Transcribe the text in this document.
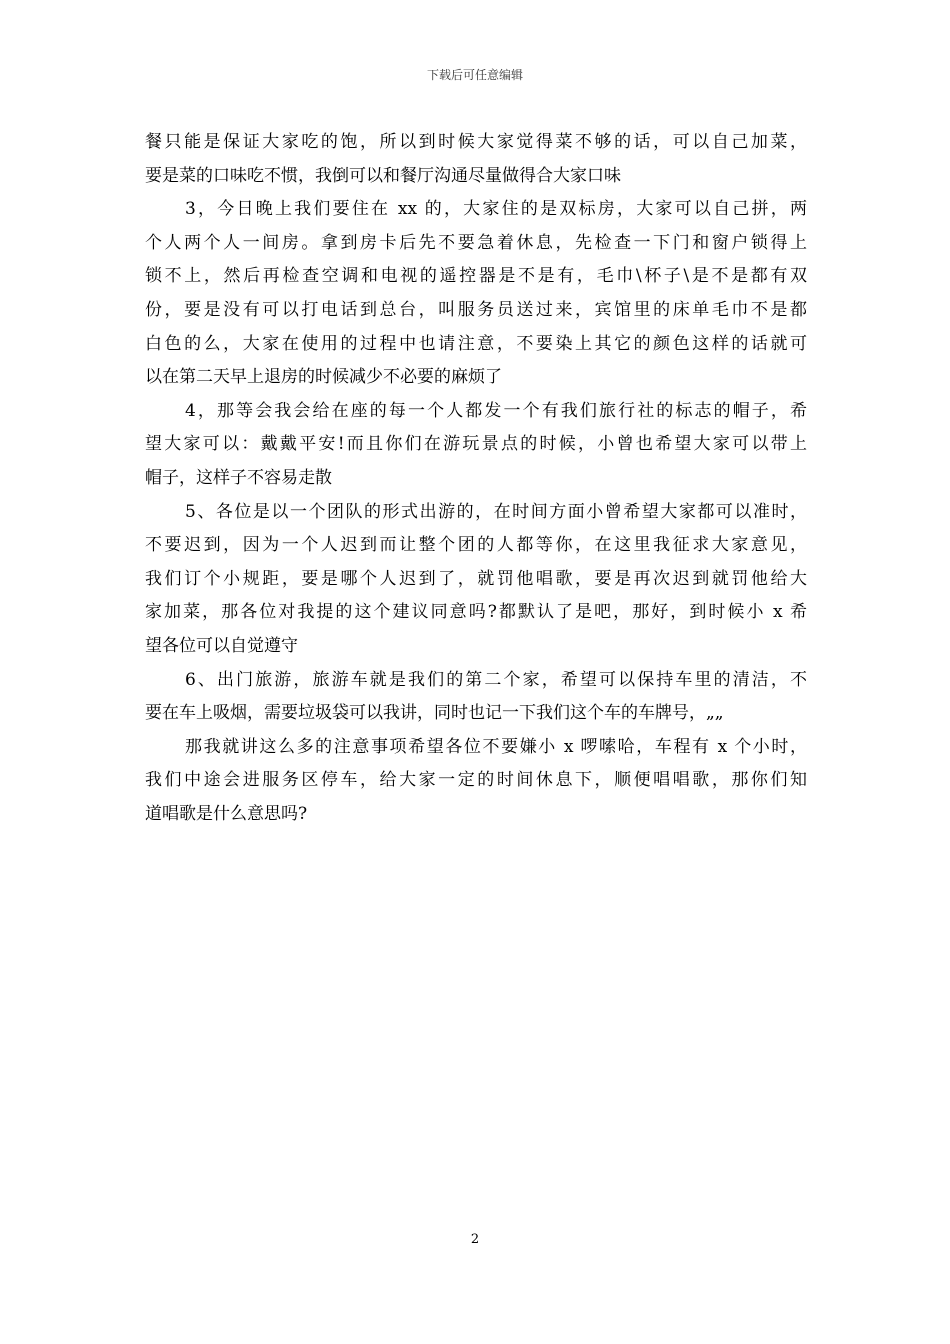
下载后可任意编辑
餐只能是保证大家吃的饱，所以到时候大家觉得菜不够的话，可以自己加菜，
要是菜的口味吃不惯，我倒可以和餐厅沟通尽量做得合大家口味
3，今日晚上我们要住在 xx 的，大家住的是双标房，大家可以自己拼，两
个人两个人一间房。拿到房卡后先不要急着休息，先检查一下门和窗户锁得上
锁不上，然后再检查空调和电视的遥控器是不是有，毛巾\杯子\是不是都有双
份，要是没有可以打电话到总台，叫服务员送过来，宾馆里的床单毛巾不是都
白色的么，大家在使用的过程中也请注意，不要染上其它的颜色这样的话就可
以在第二天早上退房的时候减少不必要的麻烦了
4，那等会我会给在座的每一个人都发一个有我们旅行社的标志的帽子，希
望大家可以：戴戴平安!而且你们在游玩景点的时候，小曾也希望大家可以带上
帽子，这样子不容易走散
5、各位是以一个团队的形式出游的，在时间方面小曾希望大家都可以准时，
不要迟到，因为一个人迟到而让整个团的人都等你，在这里我征求大家意见，
我们订个小规距，要是哪个人迟到了，就罚他唱歌，要是再次迟到就罚他给大
家加菜，那各位对我提的这个建议同意吗?都默认了是吧，那好，到时候小 x 希
望各位可以自觉遵守
6、出门旅游，旅游车就是我们的第二个家，希望可以保持车里的清洁，不
要在车上吸烟，需要垃圾袋可以我讲，同时也记一下我们这个车的车牌号，„„
那我就讲这么多的注意事项希望各位不要嫌小 x 啰嗦哈，车程有 x 个小时，
我们中途会进服务区停车，给大家一定的时间休息下，顺便唱唱歌，那你们知
道唱歌是什么意思吗?
2
